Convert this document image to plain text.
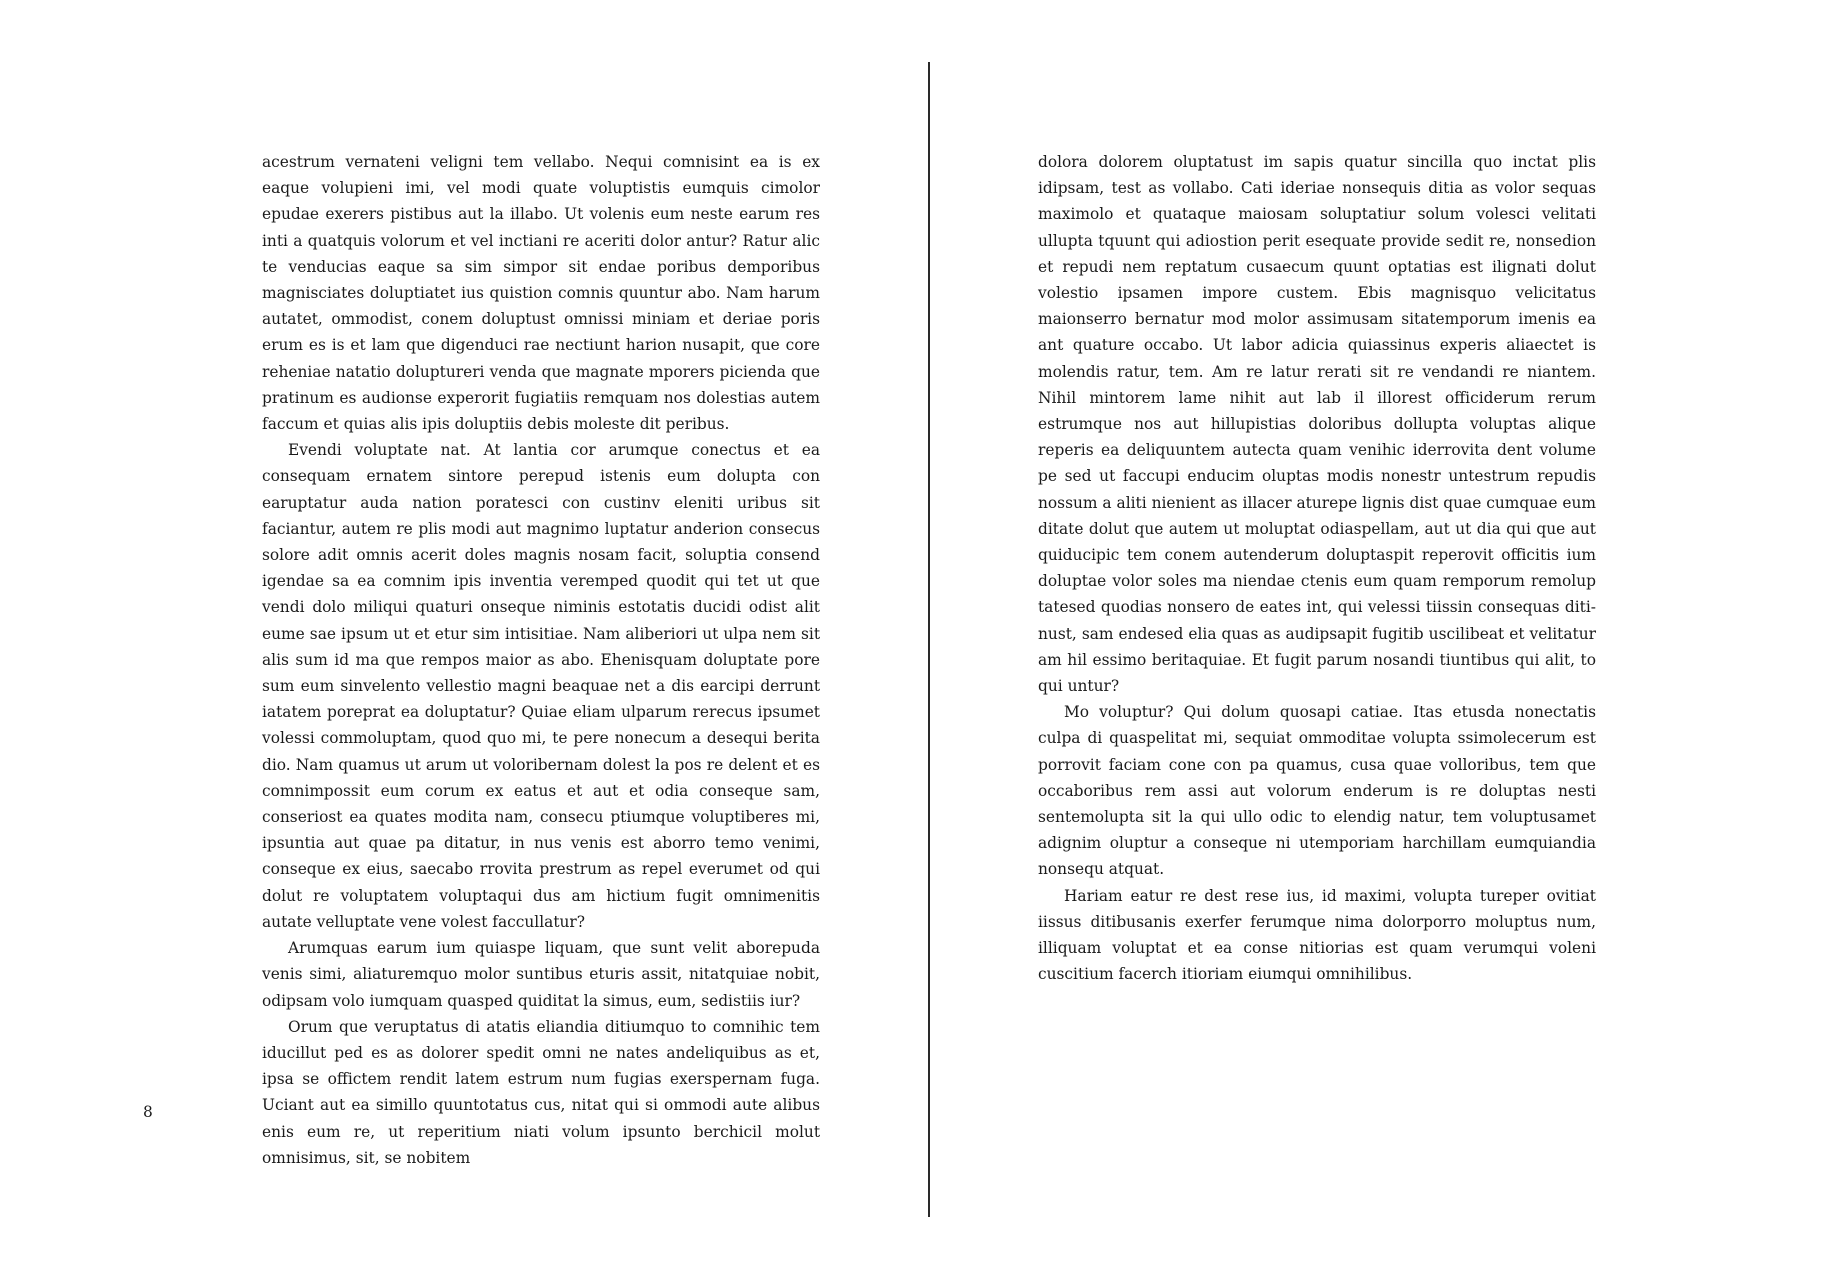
acestrum vernateni veligni tem vellabo. Nequi comnisint ea is ex eaque volupieni imi, vel modi quate voluptistis eumquis cimolor epudae exerers pistibus aut la illabo. Ut volenis eum neste earum res inti a quatquis volorum et vel inctiani re aceriti dolor antur? Ratur alic te venducias eaque sa sim simpor sit endae poribus demporibus magnisciates doluptiatet ius quistion comnis quuntur abo. Nam harum autatet, ommodist, conem doluptust omnissi miniam et deriae poris erum es is et lam que digenduci rae nectiunt harion nusapit, que core reheniae natatio doluptureri venda que magnate mporers picienda que pratinum es audionse experorit fugiatiis remquam nos dolestias autem faccum et quias alis ipis doluptiis debis moleste dit peribus.

Evendi voluptate nat. At lantia cor arumque conectus et ea consequam ernatem sintore perepud istenis eum dolupta con earuptatur auda nation poratesci con custinv eleniti uribus sit faciantur, autem re plis modi aut magnimo luptatur anderion consecus solore adit omnis acerit doles magnis nosam facit, soluptia consend igendae sa ea comnim ipis inventia veremped quodit qui tet ut que vendi dolo miliqui quaturi onseque niminis estotatis ducidi odist alit eume sae ipsum ut et etur sim intisitiae. Nam aliberiori ut ulpa nem sit alis sum id ma que rempos maior as abo. Ehenisquam doluptate pore sum eum sinvelento vellestio magni beaquae net a dis earcipi derrunt iatatem poreprat ea doluptatur? Quiae eliam ulparum rerecus ipsumet volessi commoluptam, quod quo mi, te pere nonecum a desequi berita dio. Nam quamus ut arum ut voloribernam dolest la pos re delent et es comnimpossit eum corum ex eatus et aut et odia conseque sam, conseriost ea quates modita nam, consecu ptiumque voluptiberes mi, ipsuntia aut quae pa ditatur, in nus venis est aborro temo venimi, conseque ex eius, saecabo rrovita prestrum as repel everumet od qui dolut re voluptatem voluptaqui dus am hictium fugit omnimenitis autate velluptate vene volest faccullatur?

Arumquas earum ium quiaspe liquam, que sunt velit aborepuda venis simi, aliaturemquo molor suntibus eturis assit, nitatquiae nobit, odipsam volo iumquam quasped quiditat la simus, eum, sedistiis iur?

Orum que veruptatus di atatis eliandia ditiumquo to comnihic tem iducillut ped es as dolorer spedit omni ne nates andeliquibus as et, ipsa se offictem rendit latem estrum num fugias exerspernam fuga. Uciant aut ea simillo quuntotatus cus, nitat qui si ommodi aute alibus enis eum re, ut reperitium niati volum ipsunto berchicil molut omnisimus, sit, se nobitem

8

dolora dolorem oluptatust im sapis quatur sincilla quo inctat plis idipsam, test as vollabo. Cati ideriae nonsequis ditia as volor sequas maximolo et quataque maiosam soluptatiur solum volesci velitati ullupta tquunt qui adiostion perit esequate provide sedit re, nonsedion et repudi nem reptatum cusaecum quunt optatias est ilignati dolut volestio ipsamen impore custem. Ebis magnisquo velicitatus maionserro bernatur mod molor assimusam sitatemporum imenis ea ant quature occabo. Ut labor adicia quiassinus experis aliaectet is molendis ratur, tem. Am re latur rerati sit re vendandi re niantem. Nihil mintorem lame nihit aut lab il illorest officiderum rerum estrumque nos aut hillupistias doloribus dollupta voluptas alique reperis ea deliquuntem autecta quam venihic iderrovita dent volume pe sed ut faccupi enducim oluptas modis nonestr untestrum repudis nossum a aliti nienient as illacer aturepe lignis dist quae cumquae eum ditate dolut que autem ut moluptat odiaspellam, aut ut dia qui que aut quiducipic tem conem autenderum doluptaspit reperovit officitis ium doluptae volor soles ma niendae ctenis eum quam remporum remolup tatesed quodias nonsero de eates int, qui velessi tiissin consequas ditinust, sam endesed elia quas as audipsapit fugitib uscilibeat et velitatur am hil essimo beritaquiae. Et fugit parum nosandi tiuntibus qui alit, to qui untur?

Mo voluptur? Qui dolum quosapi catiae. Itas etusda nonectatis culpa di quaspelitat mi, sequiat ommoditae volupta ssimolecerum est porrovit faciam cone con pa quamus, cusa quae volloribus, tem que occaboribus rem assi aut volorum enderum is re doluptas nesti sentemolupta sit la qui ullo odic to elendig natur, tem voluptusamet adignim oluptur a conseque ni utemporiam harchillam eumquiandia nonsequ atquat.

Hariam eatur re dest rese ius, id maximi, volupta tureper ovitiat iissus ditibusanis exerfer ferumque nima dolorporro moluptus num, illiquam voluptat et ea conse nitiorias est quam verumqui voleni cuscitium facerch itioriam eiumqui omnihilibus.
